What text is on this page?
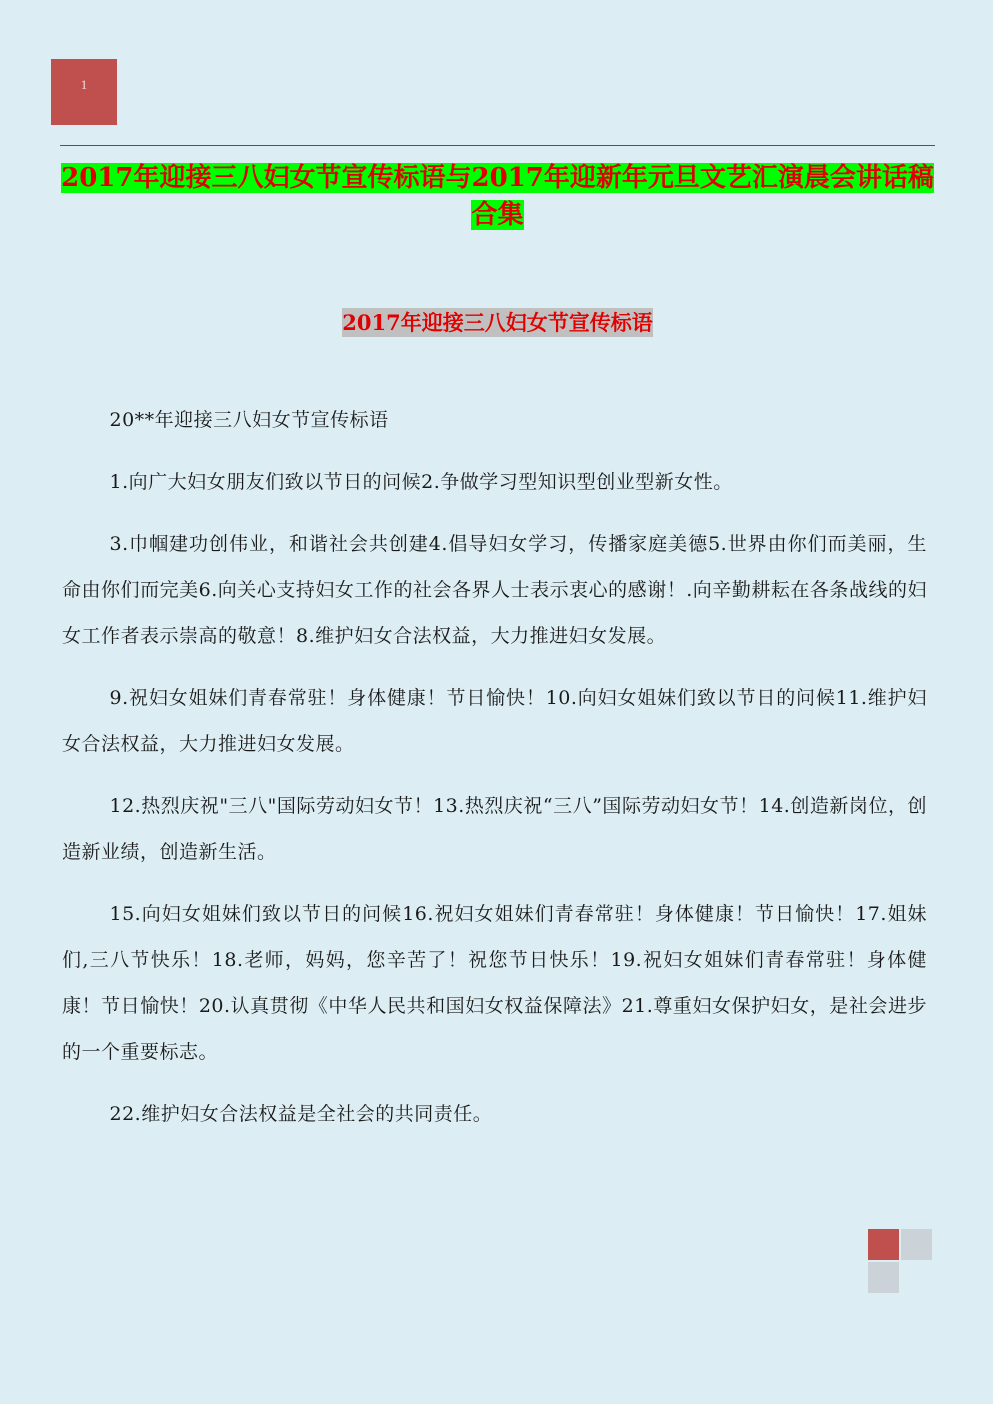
1
2017年迎接三八妇女节宣传标语与2017年迎新年元旦文艺汇演晨会讲话稿合集
2017年迎接三八妇女节宣传标语

20**年迎接三八妇女节宣传标语

1.向广大妇女朋友们致以节日的问候2.争做学习型知识型创业型新女性。

3.巾帼建功创伟业，和谐社会共创建4.倡导妇女学习，传播家庭美德5.世界由你们而美丽，生命由你们而完美6.向关心支持妇女工作的社会各界人士表示衷心的感谢！.向辛勤耕耘在各条战线的妇女工作者表示崇高的敬意！8.维护妇女合法权益，大力推进妇女发展。

9.祝妇女姐妹们青春常驻！身体健康！节日愉快！10.向妇女姐妹们致以节日的问候11.维护妇女合法权益，大力推进妇女发展。

12.热烈庆祝"三八"国际劳动妇女节！13.热烈庆祝“三八”国际劳动妇女节！14.创造新岗位，创造新业绩，创造新生活。

15.向妇女姐妹们致以节日的问候16.祝妇女姐妹们青春常驻！身体健康！节日愉快！17.姐妹们,三八节快乐！18.老师，妈妈，您辛苦了！祝您节日快乐！19.祝妇女姐妹们青春常驻！身体健康！节日愉快！20.认真贯彻《中华人民共和国妇女权益保障法》21.尊重妇女保护妇女，是社会进步的一个重要标志。

22.维护妇女合法权益是全社会的共同责任。
